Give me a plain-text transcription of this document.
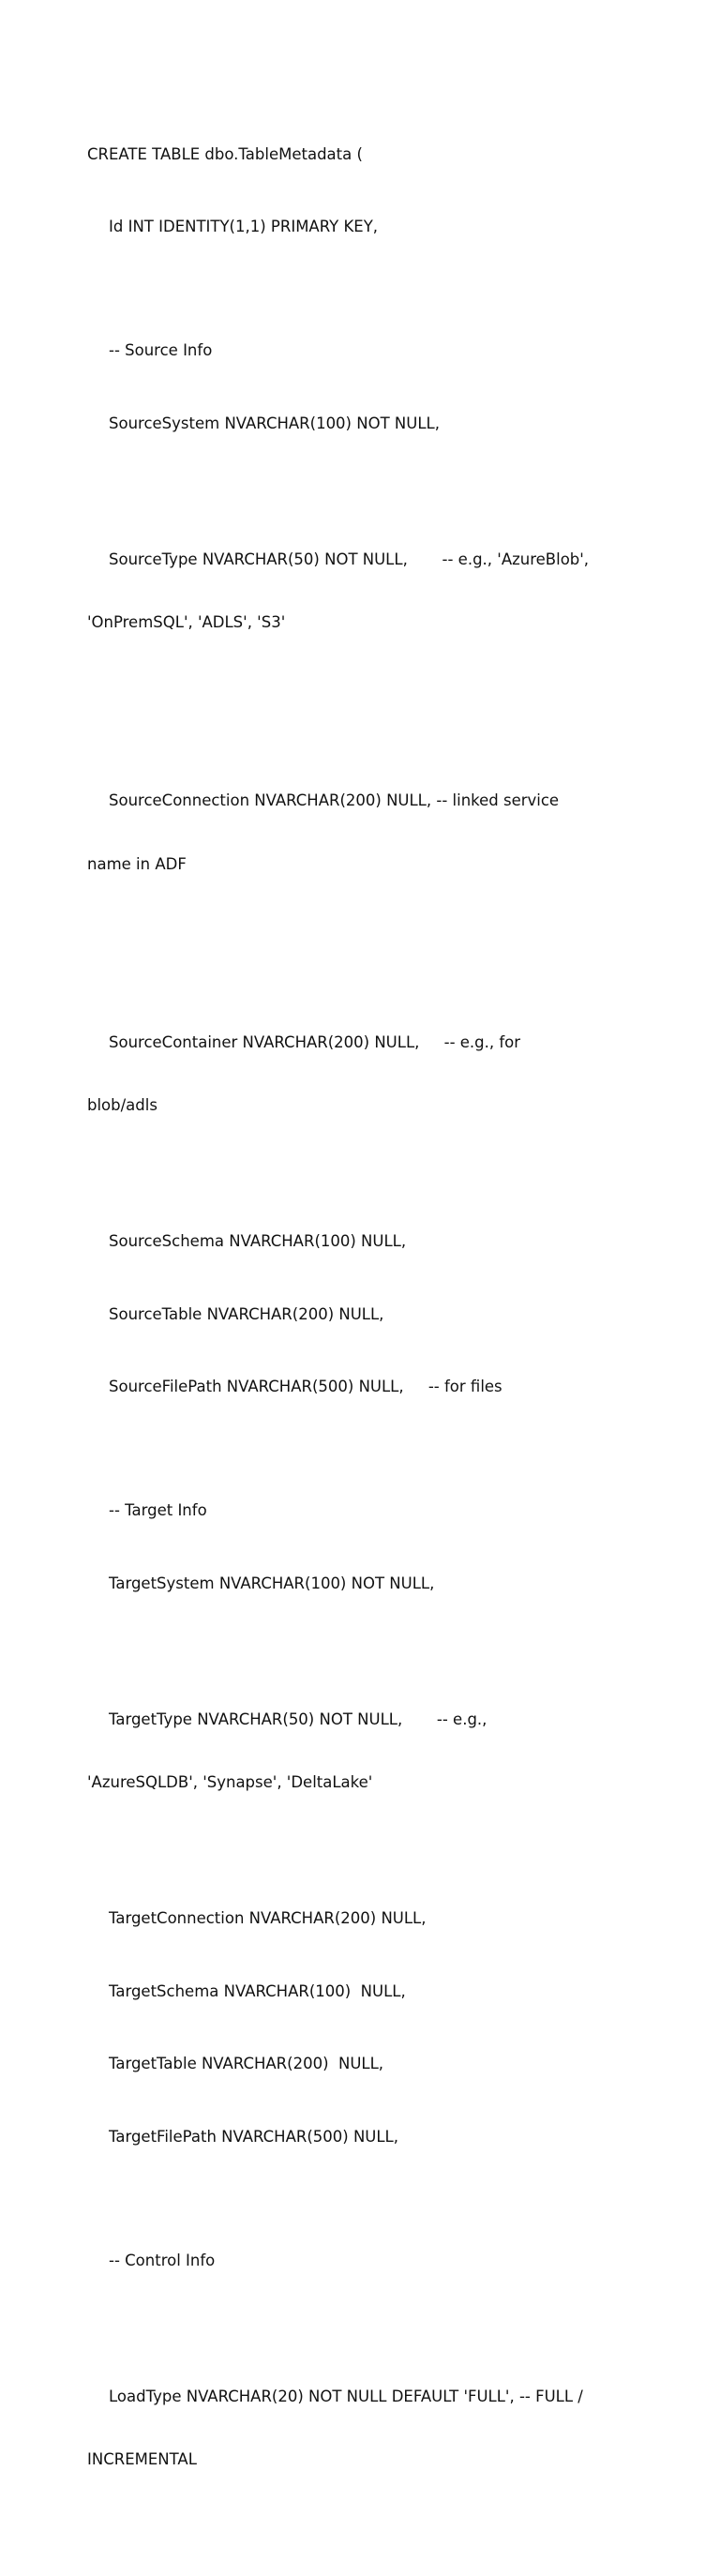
CREATE TABLE dbo.TableMetadata (

Id INT IDENTITY(1,1) PRIMARY KEY,

-- Source Info

SourceSystem NVARCHAR(100) NOT NULL,

SourceType NVARCHAR(50) NOT NULL,       -- e.g., 'AzureBlob',

'OnPremSQL', 'ADLS', 'S3'

SourceConnection NVARCHAR(200) NULL, -- linked service

name in ADF

SourceContainer NVARCHAR(200) NULL,     -- e.g., for

blob/adls

SourceSchema NVARCHAR(100) NULL,

SourceTable NVARCHAR(200) NULL,

SourceFilePath NVARCHAR(500) NULL,     -- for files

-- Target Info

TargetSystem NVARCHAR(100) NOT NULL,

TargetType NVARCHAR(50) NOT NULL,       -- e.g.,

'AzureSQLDB', 'Synapse', 'DeltaLake'

TargetConnection NVARCHAR(200) NULL,

TargetSchema NVARCHAR(100)  NULL,

TargetTable NVARCHAR(200)  NULL,

TargetFilePath NVARCHAR(500) NULL,

-- Control Info

LoadType NVARCHAR(20) NOT NULL DEFAULT 'FULL', -- FULL /

INCREMENTAL
